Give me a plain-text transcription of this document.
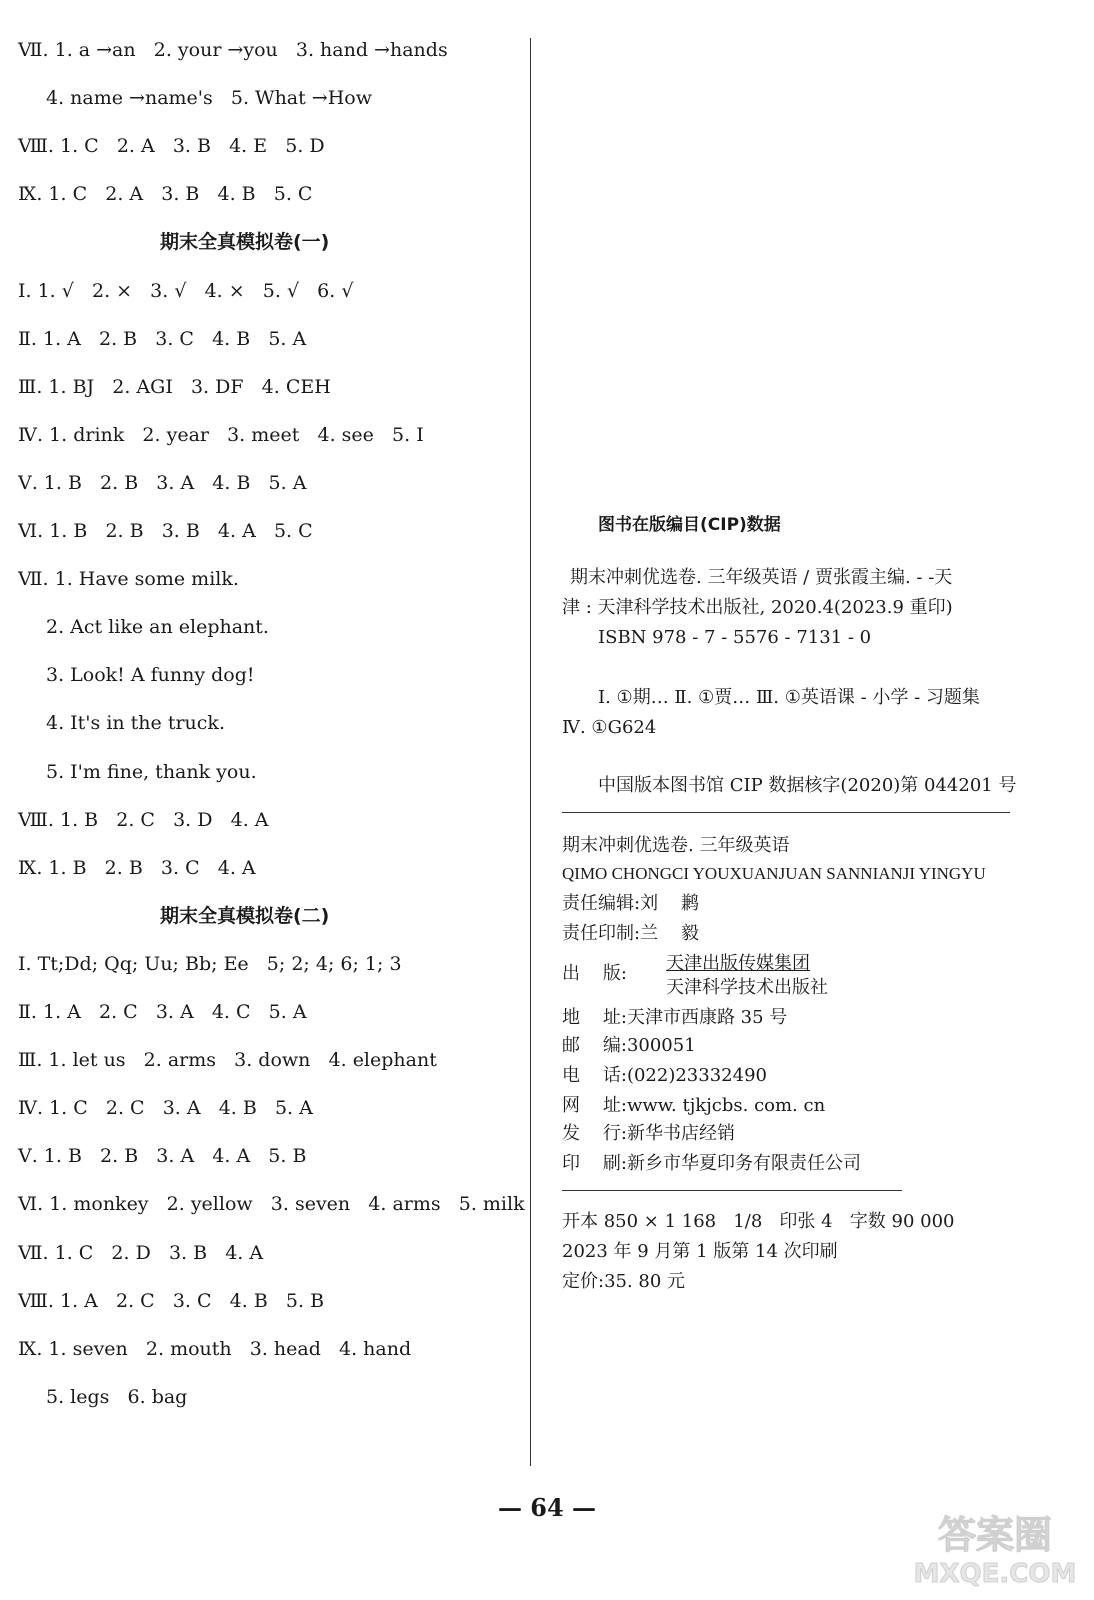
Ⅶ. 1. a →an   2. your →you   3. hand →hands
4. name →name's   5. What →How
Ⅷ. 1. C   2. A   3. B   4. E   5. D
Ⅸ. 1. C   2. A   3. B   4. B   5. C
期末全真模拟卷(一)
Ⅰ. 1. √   2. ×   3. √   4. ×   5. √   6. √
Ⅱ. 1. A   2. B   3. C   4. B   5. A
Ⅲ. 1. BJ   2. AGI   3. DF   4. CEH
Ⅳ. 1. drink   2. year   3. meet   4. see   5. I
Ⅴ. 1. B   2. B   3. A   4. B   5. A
Ⅵ. 1. B   2. B   3. B   4. A   5. C
Ⅶ. 1. Have some milk.
2. Act like an elephant.
3. Look! A funny dog!
4. It's in the truck.
5. I'm fine, thank you.
Ⅷ. 1. B   2. C   3. D   4. A
Ⅸ. 1. B   2. B   3. C   4. A
期末全真模拟卷(二)
Ⅰ. Tt;Dd; Qq; Uu; Bb; Ee   5; 2; 4; 6; 1; 3
Ⅱ. 1. A   2. C   3. A   4. C   5. A
Ⅲ. 1. let us   2. arms   3. down   4. elephant
Ⅳ. 1. C   2. C   3. A   4. B   5. A
Ⅴ. 1. B   2. B   3. A   4. A   5. B
Ⅵ. 1. monkey   2. yellow   3. seven   4. arms   5. milk
Ⅶ. 1. C   2. D   3. B   4. A
Ⅷ. 1. A   2. C   3. C   4. B   5. B
Ⅸ. 1. seven   2. mouth   3. head   4. hand
5. legs   6. bag
图书在版编目(CIP)数据
期末冲刺优选卷. 三年级英语 / 贾张霞主编. - -天
津 : 天津科学技术出版社, 2020.4(2023.9 重印)
ISBN 978 - 7 - 5576 - 7131 - 0
Ⅰ. ①期… Ⅱ. ①贾… Ⅲ. ①英语课 - 小学 - 习题集
Ⅳ. ①G624
中国版本图书馆 CIP 数据核字(2020)第 044201 号
期末冲刺优选卷. 三年级英语
QIMO CHONGCI YOUXUANJUAN SANNIANJI YINGYU
责任编辑:刘    鹣
责任印制:兰    毅
出    版: 天津出版传媒集团
天津科学技术出版社
地    址:天津市西康路 35 号
邮    编:300051
电    话:(022)23332490
网    址:www. tjkjcbs. com. cn
发    行:新华书店经销
印    刷:新乡市华夏印务有限责任公司
开本 850 × 1 168   1/8   印张 4   字数 90 000
2023 年 9 月第 1 版第 14 次印刷
定价:35. 80 元
— 64 —
答案圈
MXQE.COM
